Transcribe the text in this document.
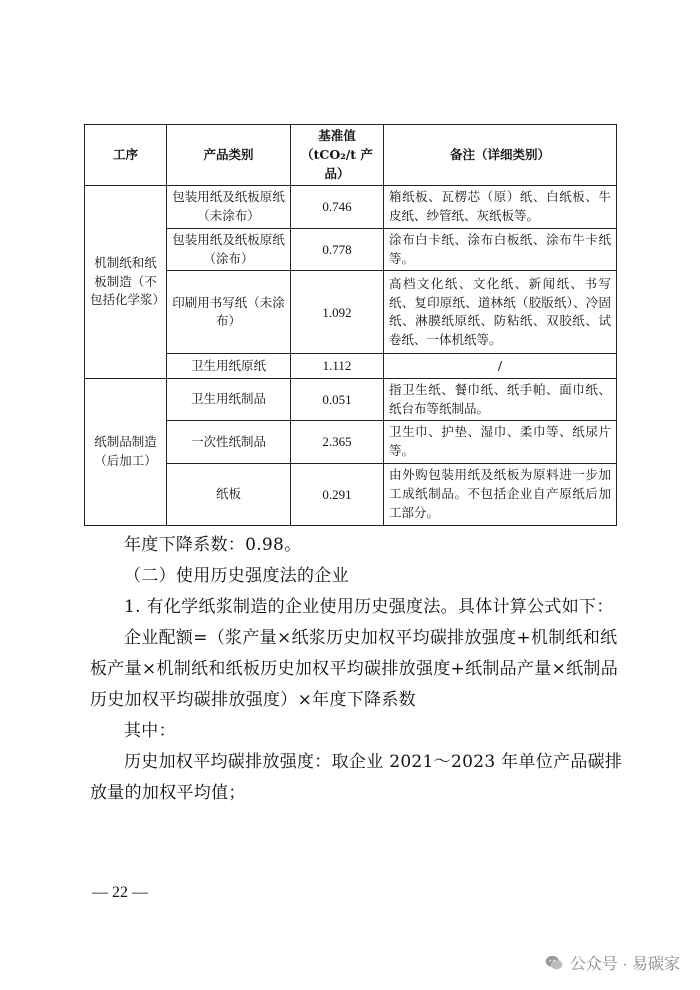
工序	产品类别	基准值（tCO₂/t 产品）	备注（详细类别）
机制纸和纸板制造（不包括化学浆）	包装用纸及纸板原纸（未涂布）	0.746	箱纸板、瓦楞芯（原）纸、白纸板、牛皮纸、纱管纸、灰纸板等。
	包装用纸及纸板原纸（涂布）	0.778	涂布白卡纸、涂布白板纸、涂布牛卡纸等。
	印刷用书写纸（未涂布）	1.092	高档文化纸、文化纸、新闻纸、书写纸、复印原纸、道林纸（胶版纸）、冷固纸、淋膜纸原纸、防粘纸、双胶纸、试卷纸、一体机纸等。
	卫生用纸原纸	1.112	/
纸制品制造（后加工）	卫生用纸制品	0.051	指卫生纸、餐巾纸、纸手帕、面巾纸、纸台布等纸制品。
	一次性纸制品	2.365	卫生巾、护垫、湿巾、柔巾等、纸尿片等。
	纸板	0.291	由外购包装用纸及纸板为原料进一步加工成纸制品。不包括企业自产原纸后加工部分。

年度下降系数：0.98。

（二）使用历史强度法的企业

1. 有化学纸浆制造的企业使用历史强度法。具体计算公式如下：

企业配额=（浆产量×纸浆历史加权平均碳排放强度+机制纸和纸板产量×机制纸和纸板历史加权平均碳排放强度+纸制品产量×纸制品历史加权平均碳排放强度）×年度下降系数

其中：

历史加权平均碳排放强度：取企业 2021～2023 年单位产品碳排放量的加权平均值；

— 22 —
公众号 · 易碳家
